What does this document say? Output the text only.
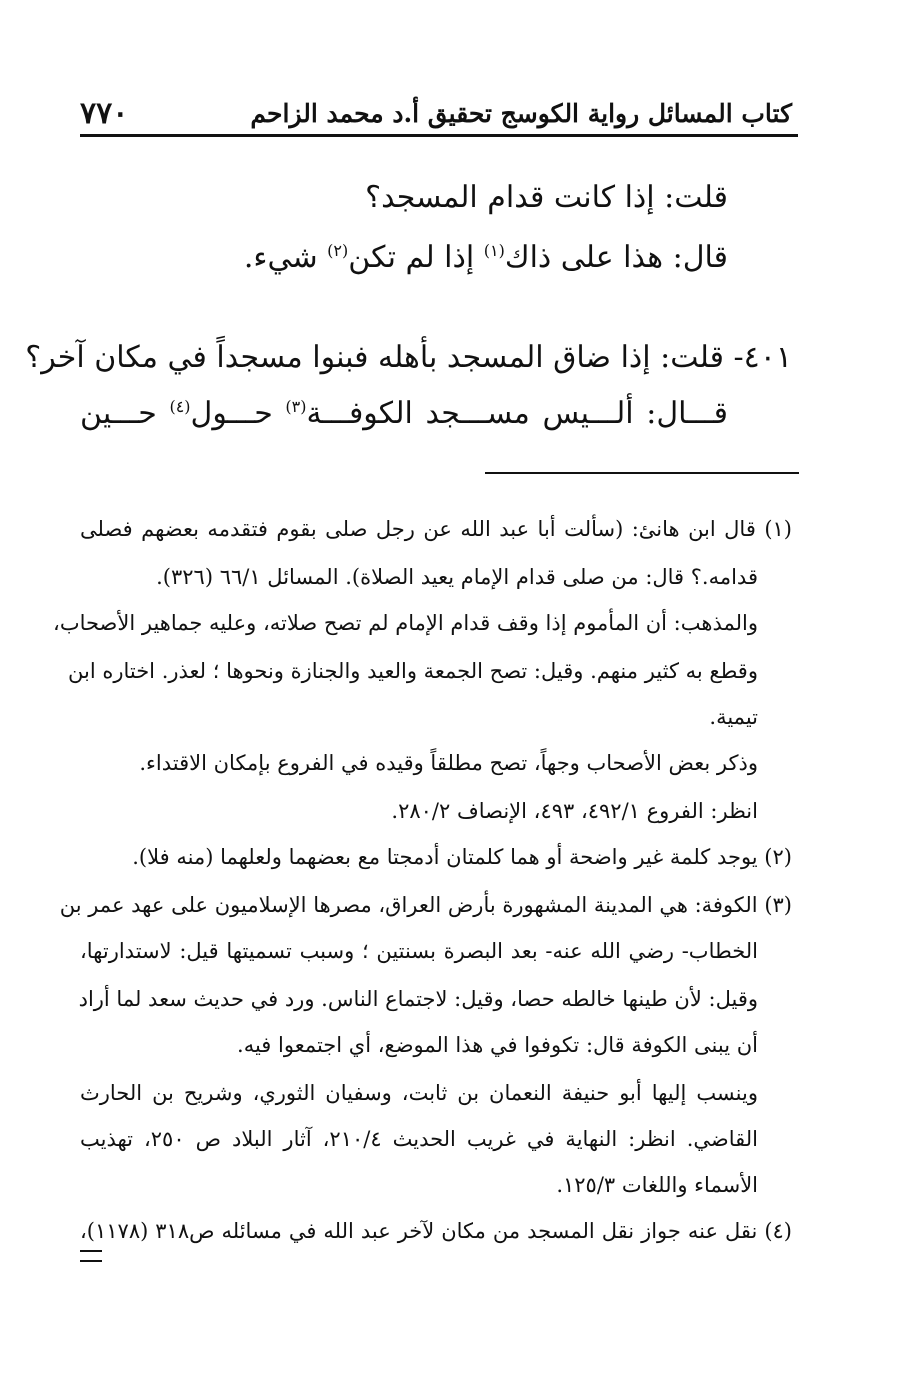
كتاب المسائل رواية الكوسج تحقيق أ.د محمد الزاحم
٧٧٠
قلت: إذا كانت قدام المسجد؟
قال: هذا على ذاك$^{(١)}$ إذا لم تكن$^{(٢)}$ شيء.
٤٠١- قلت: إذا ضاق المسجد بأهله فبنوا مسجداً في مكان آخر؟
قـــال:
ألـــيس
مســـجد
الكوفـــة$^{(٣)}$
حـــول$^{(٤)}$
حـــين
(١) قال ابن هانئ: (سألت أبا عبد الله عن رجل صلى بقوم فتقدمه بعضهم فصلى
قدامه.؟ قال: من صلى قدام الإمام يعيد الصلاة). المسائل ٦٦/١ (٣٢٦).
والمذهب: أن المأموم إذا وقف قدام الإمام لم تصح صلاته، وعليه جماهير الأصحاب،
وقطع به كثير منهم. وقيل: تصح الجمعة والعيد والجنازة ونحوها ؛ لعذر. اختاره ابن
تيمية.
وذكر بعض الأصحاب وجهاً، تصح مطلقاً وقيده في الفروع بإمكان الاقتداء.
انظر: الفروع ٤٩٢/١، ٤٩٣، الإنصاف ٢٨٠/٢.
(٢) يوجد كلمة غير واضحة أو هما كلمتان أدمجتا مع بعضهما ولعلهما (منه فلا).
(٣) الكوفة: هي المدينة المشهورة بأرض العراق، مصرها الإسلاميون على عهد عمر بن
الخطاب- رضي الله عنه- بعد البصرة بسنتين ؛ وسبب تسميتها قيل: لاستدارتها،
وقيل: لأن طينها خالطه حصا، وقيل: لاجتماع الناس. ورد في حديث سعد لما أراد
أن يبنى الكوفة قال: تكوفوا في هذا الموضع، أي اجتمعوا فيه.
وينسب إليها أبو حنيفة النعمان بن ثابت، وسفيان الثوري، وشريح بن الحارث
القاضي. انظر: النهاية في غريب الحديث ٢١٠/٤، آثار البلاد ص ٢٥٠، تهذيب
الأسماء واللغات ١٢٥/٣.
(٤) نقل عنه جواز نقل المسجد من مكان لآخر عبد الله في مسائله ص٣١٨ (١١٧٨)،
